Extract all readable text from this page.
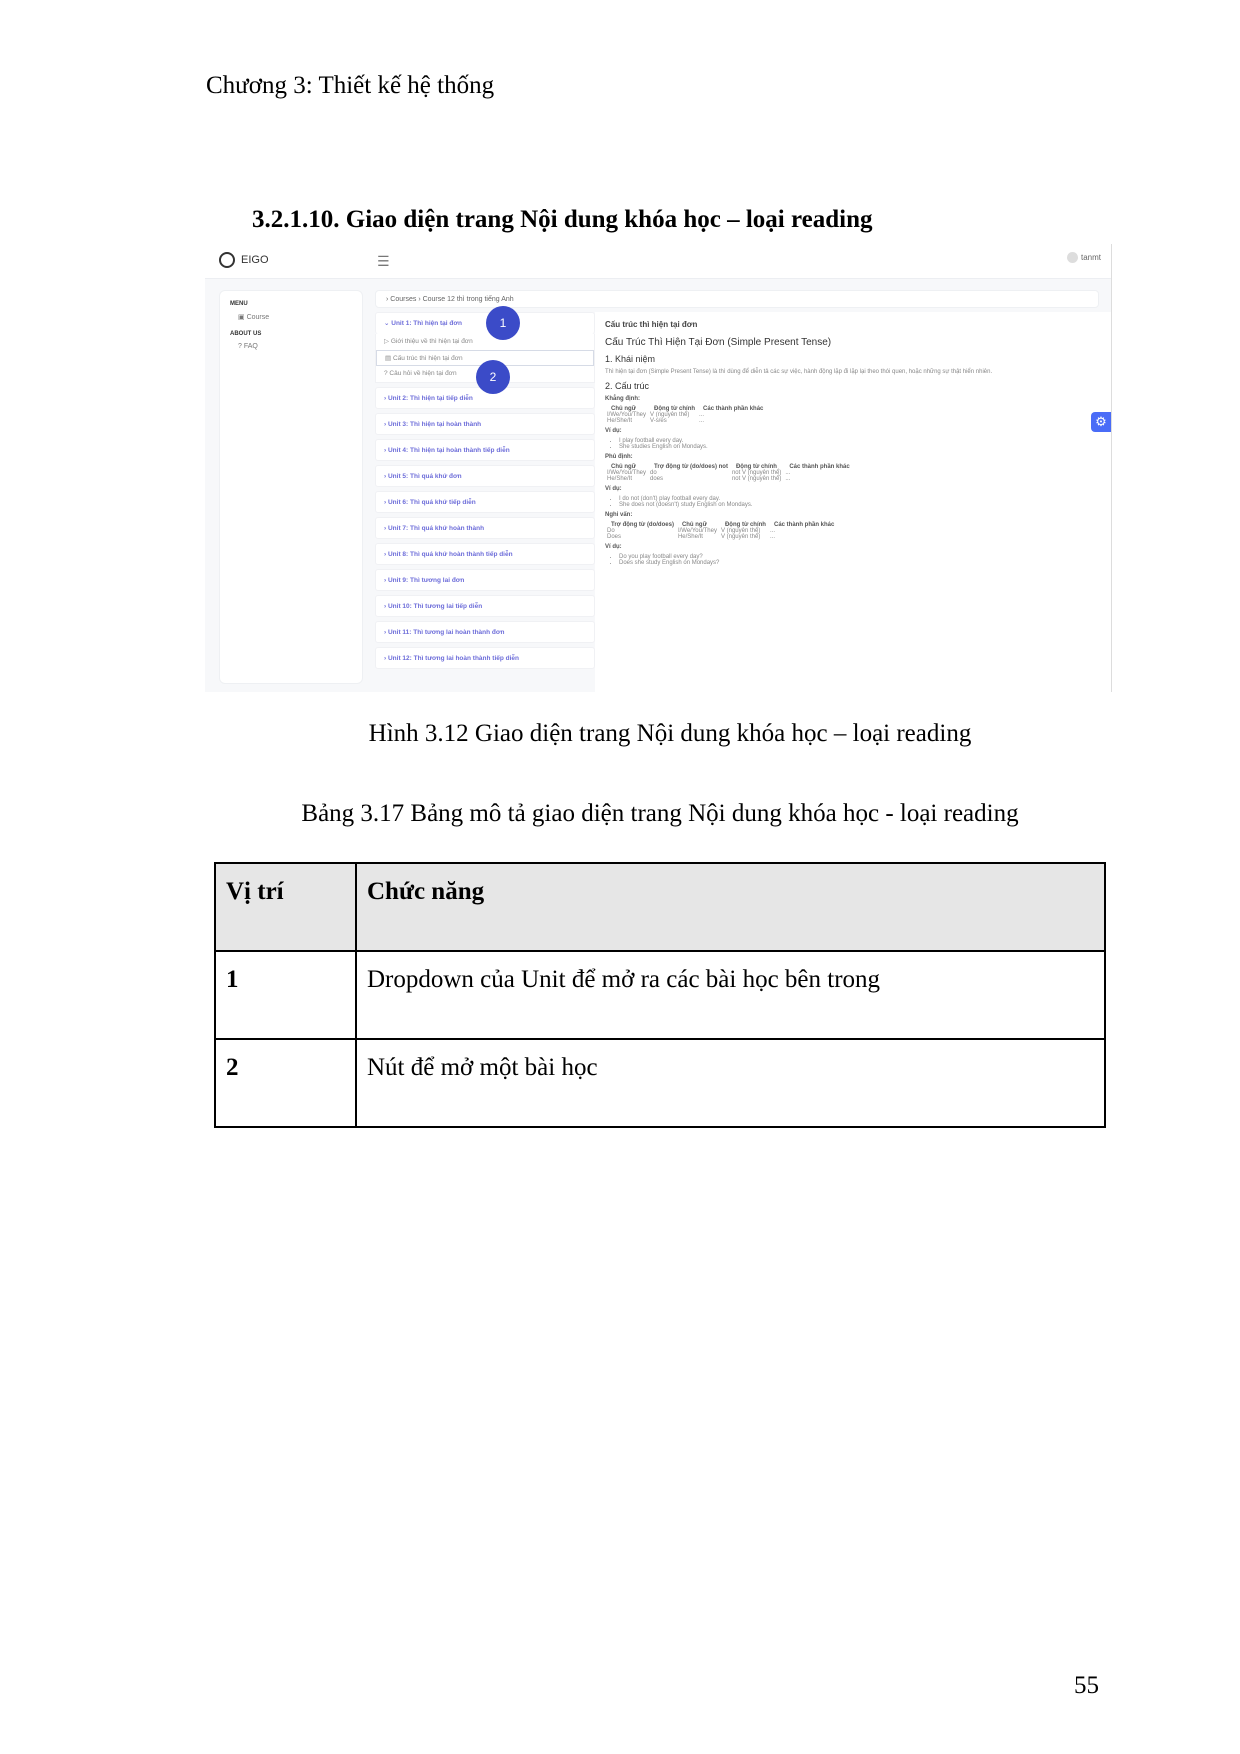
Chương 3: Thiết kế hệ thống
3.2.1.10. Giao diện trang Nội dung khóa học – loại reading
EIGO	☰	tanmt
MENU
▣ Course
ABOUT US
? FAQ
› Courses › Course 12 thì trong tiếng Anh
⌄ Unit 1: Thì hiện tại đơn
▷ Giới thiệu về thì hiện tại đơn
▤ Cấu trúc thì hiện tại đơn
? Câu hỏi về hiện tại đơn
› Unit 2: Thì hiện tại tiếp diễn
› Unit 3: Thì hiện tại hoàn thành
› Unit 4: Thì hiện tại hoàn thành tiếp diễn
› Unit 5: Thì quá khứ đơn
› Unit 6: Thì quá khứ tiếp diễn
› Unit 7: Thì quá khứ hoàn thành
› Unit 8: Thì quá khứ hoàn thành tiếp diễn
› Unit 9: Thì tương lai đơn
› Unit 10: Thì tương lai tiếp diễn
› Unit 11: Thì tương lai hoàn thành đơn
› Unit 12: Thì tương lai hoàn thành tiếp diễn
Cấu trúc thì hiện tại đơn
Cấu Trúc Thì Hiện Tại Đơn (Simple Present Tense)
1. Khái niệm
Thì hiện tại đơn (Simple Present Tense) là thì dùng để diễn tả các sự việc, hành động lặp đi lặp lại theo thói quen, hoặc những sự thật hiển nhiên.
2. Cấu trúc
Khẳng định:
Chủ ngữ	Động từ chính	Các thành phần khác
I/We/You/They	V (nguyên thể)	...
He/She/It	V-s/es	...
Ví dụ:
• I play football every day.
• She studies English on Mondays.
Phủ định:
Chủ ngữ	Trợ động từ (do/does) not	Động từ chính	Các thành phần khác
I/We/You/They	do	not V (nguyên thể)	...
He/She/It	does	not V (nguyên thể)	...
Ví dụ:
• I do not (don't) play football every day.
• She does not (doesn't) study English on Mondays.
Nghi vấn:
Trợ động từ (do/does)	Chủ ngữ	Động từ chính	Các thành phần khác
Do	I/We/You/They	V (nguyên thể)	...
Does	He/She/It	V (nguyên thể)	...
Ví dụ:
• Do you play football every day?
• Does she study English on Mondays?
⚙
1
2
Hình 3.12 Giao diện trang Nội dung khóa học – loại reading
Bảng 3.17 Bảng mô tả giao diện trang Nội dung khóa học - loại reading
Vị trí	Chức năng
1	Dropdown của Unit để mở ra các bài học bên trong
2	Nút để mở một bài học
55
